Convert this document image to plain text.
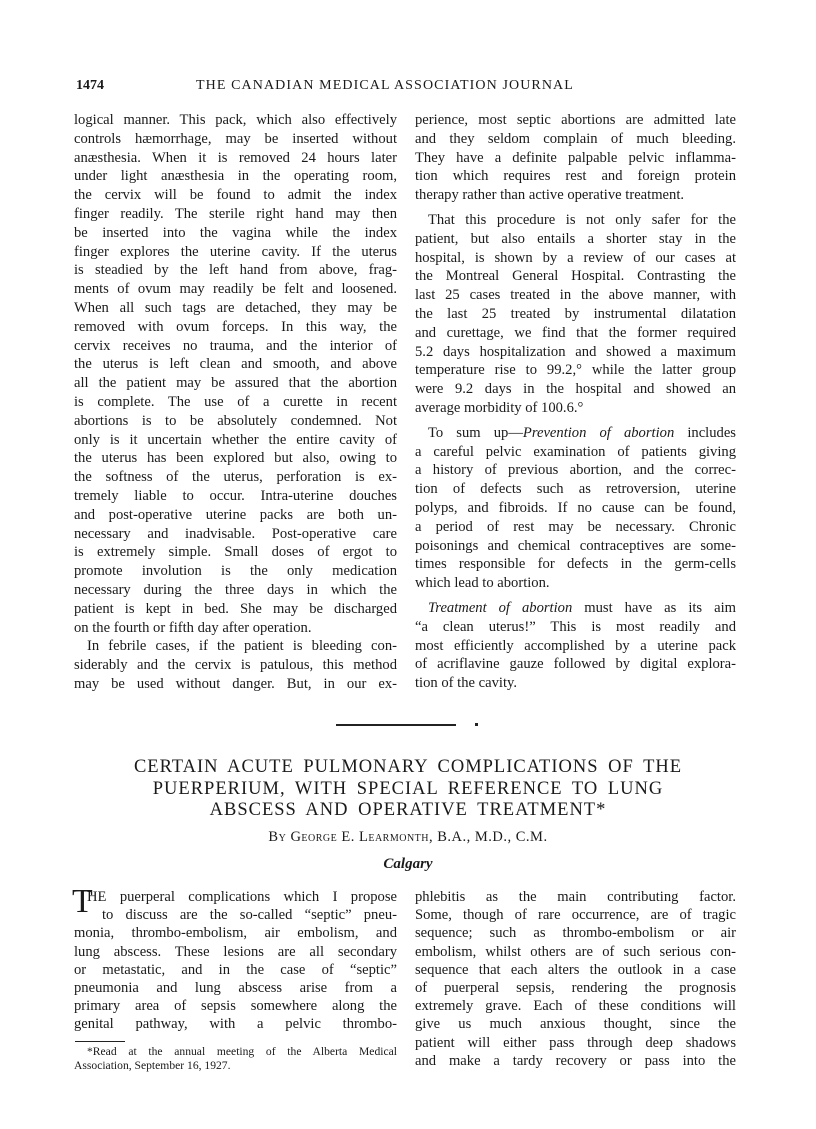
1474	THE CANADIAN MEDICAL ASSOCIATION JOURNAL
logical manner. This pack, which also effectively
controls hæmorrhage, may be inserted without
anæsthesia. When it is removed 24 hours later
under light anæsthesia in the operating room,
the cervix will be found to admit the index
finger readily. The sterile right hand may then
be inserted into the vagina while the index
finger explores the uterine cavity. If the uterus
is steadied by the left hand from above, frag-
ments of ovum may readily be felt and loosened.
When all such tags are detached, they may be
removed with ovum forceps. In this way, the
cervix receives no trauma, and the interior of
the uterus is left clean and smooth, and above
all the patient may be assured that the abortion
is complete. The use of a curette in recent
abortions is to be absolutely condemned. Not
only is it uncertain whether the entire cavity of
the uterus has been explored but also, owing to
the softness of the uterus, perforation is ex-
tremely liable to occur. Intra-uterine douches
and post-operative uterine packs are both un-
necessary and inadvisable. Post-operative care
is extremely simple. Small doses of ergot to
promote involution is the only medication
necessary during the three days in which the
patient is kept in bed. She may be discharged
on the fourth or fifth day after operation.
In febrile cases, if the patient is bleeding con-
siderably and the cervix is patulous, this method
may be used without danger. But, in our ex-
perience, most septic abortions are admitted late
and they seldom complain of much bleeding.
They have a definite palpable pelvic inflamma-
tion which requires rest and foreign protein
therapy rather than active operative treatment.
That this procedure is not only safer for the
patient, but also entails a shorter stay in the
hospital, is shown by a review of our cases at
the Montreal General Hospital. Contrasting the
last 25 cases treated in the above manner, with
the last 25 treated by instrumental dilatation
and curettage, we find that the former required
5.2 days hospitalization and showed a maximum
temperature rise to 99.2,° while the latter group
were 9.2 days in the hospital and showed an
average morbidity of 100.6.°
To sum up—Prevention of abortion includes
a careful pelvic examination of patients giving
a history of previous abortion, and the correc-
tion of defects such as retroversion, uterine
polyps, and fibroids. If no cause can be found,
a period of rest may be necessary. Chronic
poisonings and chemical contraceptives are some-
times responsible for defects in the germ-cells
which lead to abortion.
Treatment of abortion must have as its aim
“a clean uterus!” This is most readily and
most efficiently accomplished by a uterine pack
of acriflavine gauze followed by digital explora-
tion of the cavity.
CERTAIN ACUTE PULMONARY COMPLICATIONS OF THE
PUERPERIUM, WITH SPECIAL REFERENCE TO LUNG
ABSCESS AND OPERATIVE TREATMENT*
By George E. Learmonth, B.A., M.D., C.M.
Calgary
T
HE puerperal complications which I propose
to discuss are the so-called “septic” pneu-
monia, thrombo-embolism, air embolism, and
lung abscess. These lesions are all secondary
or metastatic, and in the case of “septic”
pneumonia and lung abscess arise from a
primary area of sepsis somewhere along the
genital pathway, with a pelvic thrombo-
phlebitis as the main contributing factor.
Some, though of rare occurrence, are of tragic
sequence; such as thrombo-embolism or air
embolism, whilst others are of such serious con-
sequence that each alters the outlook in a case
of puerperal sepsis, rendering the prognosis
extremely grave. Each of these conditions will
give us much anxious thought, since the
patient will either pass through deep shadows
and make a tardy recovery or pass into the
*Read at the annual meeting of the Alberta Medical
Association, September 16, 1927.
